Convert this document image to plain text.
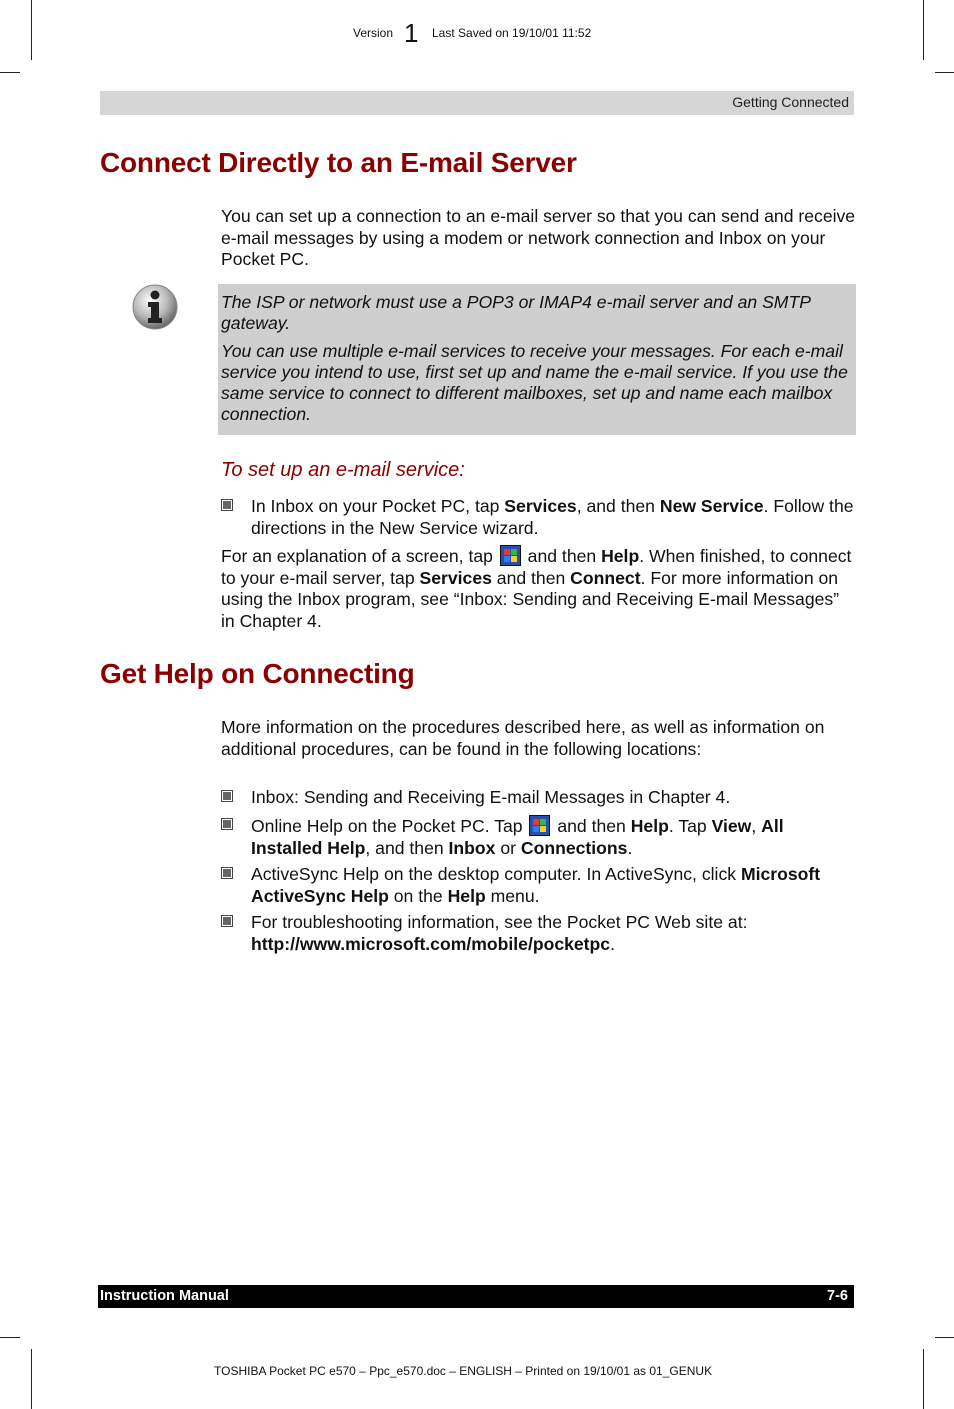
Version 1 Last Saved on 19/10/01 11:52
Getting Connected
Connect Directly to an E-mail Server

You can set up a connection to an e-mail server so that you can send and receive e-mail messages by using a modem or network connection and Inbox on your Pocket PC.

The ISP or network must use a POP3 or IMAP4 e-mail server and an SMTP gateway.

You can use multiple e-mail services to receive your messages. For each e-mail service you intend to use, first set up and name the e-mail service. If you use the same service to connect to different mailboxes, set up and name each mailbox connection.

To set up an e-mail service:
In Inbox on your Pocket PC, tap Services, and then New Service. Follow the directions in the New Service wizard.

For an explanation of a screen, tap  and then Help. When finished, to connect to your e-mail server, tap Services and then Connect. For more information on using the Inbox program, see “Inbox: Sending and Receiving E-mail Messages” in Chapter 4.

Get Help on Connecting

More information on the procedures described here, as well as information on additional procedures, can be found in the following locations:

Inbox: Sending and Receiving E-mail Messages in Chapter 4.
Online Help on the Pocket PC. Tap  and then Help. Tap View, All Installed Help, and then Inbox or Connections.
ActiveSync Help on the desktop computer. In ActiveSync, click Microsoft ActiveSync Help on the Help menu.
For troubleshooting information, see the Pocket PC Web site at: http://www.microsoft.com/mobile/pocketpc.
Instruction Manual	7-6
TOSHIBA Pocket PC e570 – Ppc_e570.doc – ENGLISH – Printed on 19/10/01 as 01_GENUK
